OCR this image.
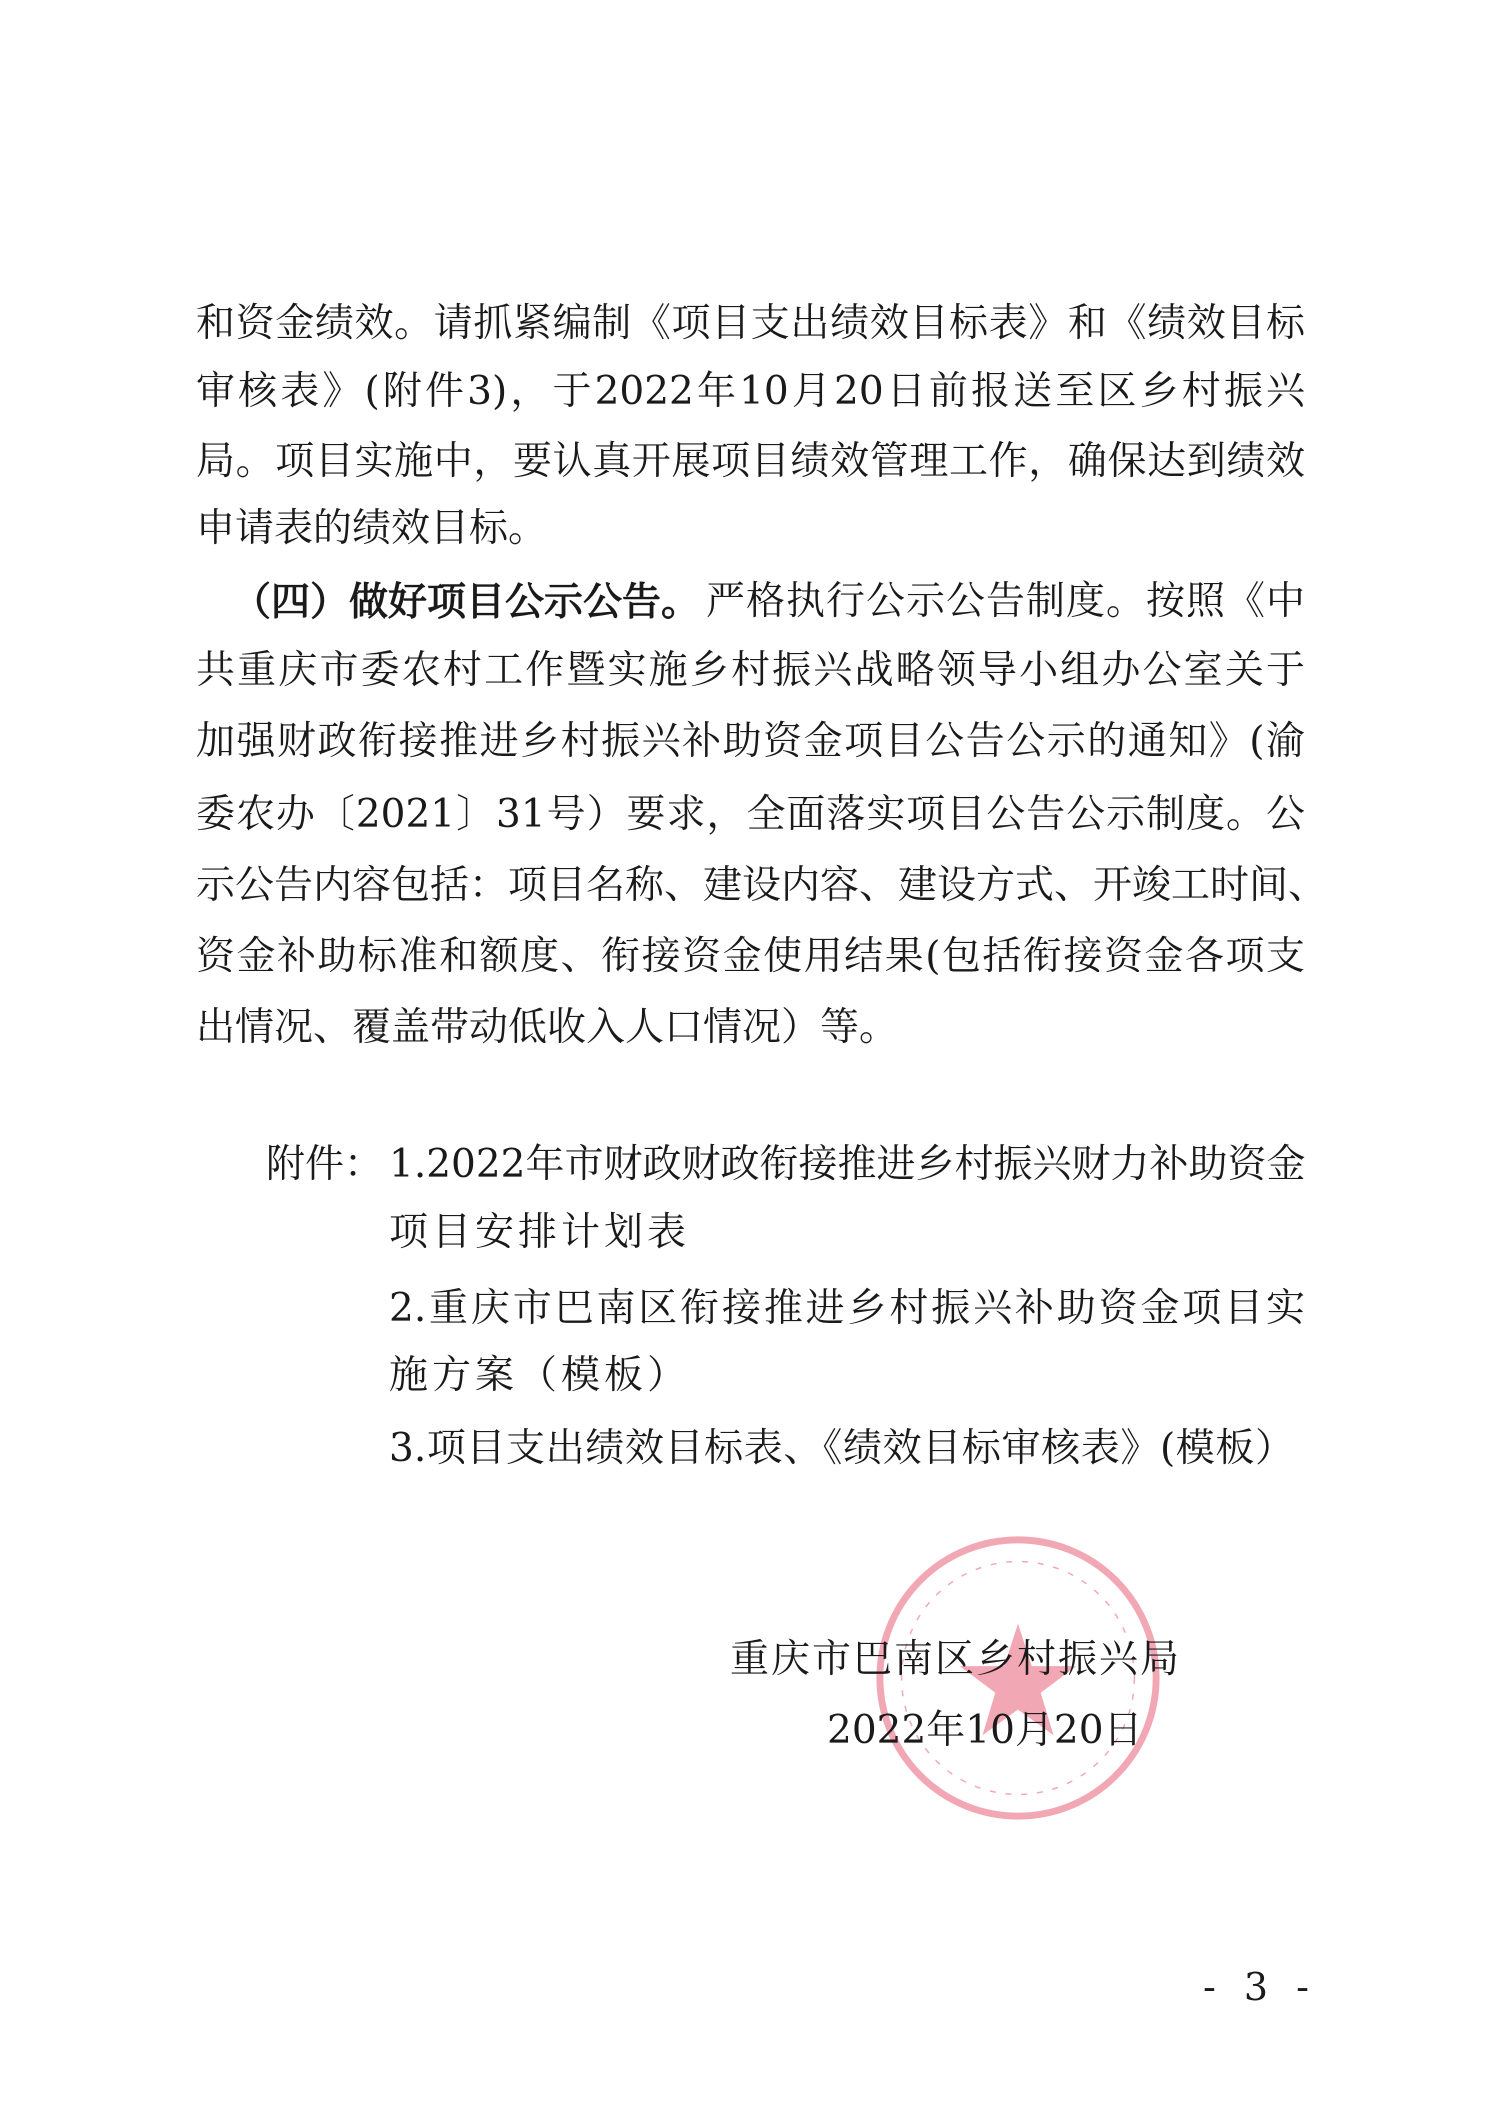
和资金绩效。请抓紧编制《项目支出绩效目标表》和《绩效目标
审核表》(附件3)，于2022年10月20日前报送至区乡村振兴
局。项目实施中，要认真开展项目绩效管理工作，确保达到绩效
申请表的绩效目标。
（四）做好项目公示公告。 严格执行公示公告制度。按照《中
共重庆市委农村工作暨实施乡村振兴战略领导小组办公室关于
加强财政衔接推进乡村振兴补助资金项目公告公示的通知》(渝
委农办〔2021〕31号）要求，全面落实项目公告公示制度。公
示公告内容包括：项目名称、建设内容、建设方式、开竣工时间、
资金补助标准和额度、衔接资金使用结果(包括衔接资金各项支
出情况、覆盖带动低收入人口情况）等。
附件： 1.2022年市财政财政衔接推进乡村振兴财力补助资金
项目安排计划表
2.重庆市巴南区衔接推进乡村振兴补助资金项目实
施方案（模板）
3.项目支出绩效目标表、《绩效目标审核表》(模板）
重庆市巴南区乡村振兴局
2022年10月20日
- 3 -
